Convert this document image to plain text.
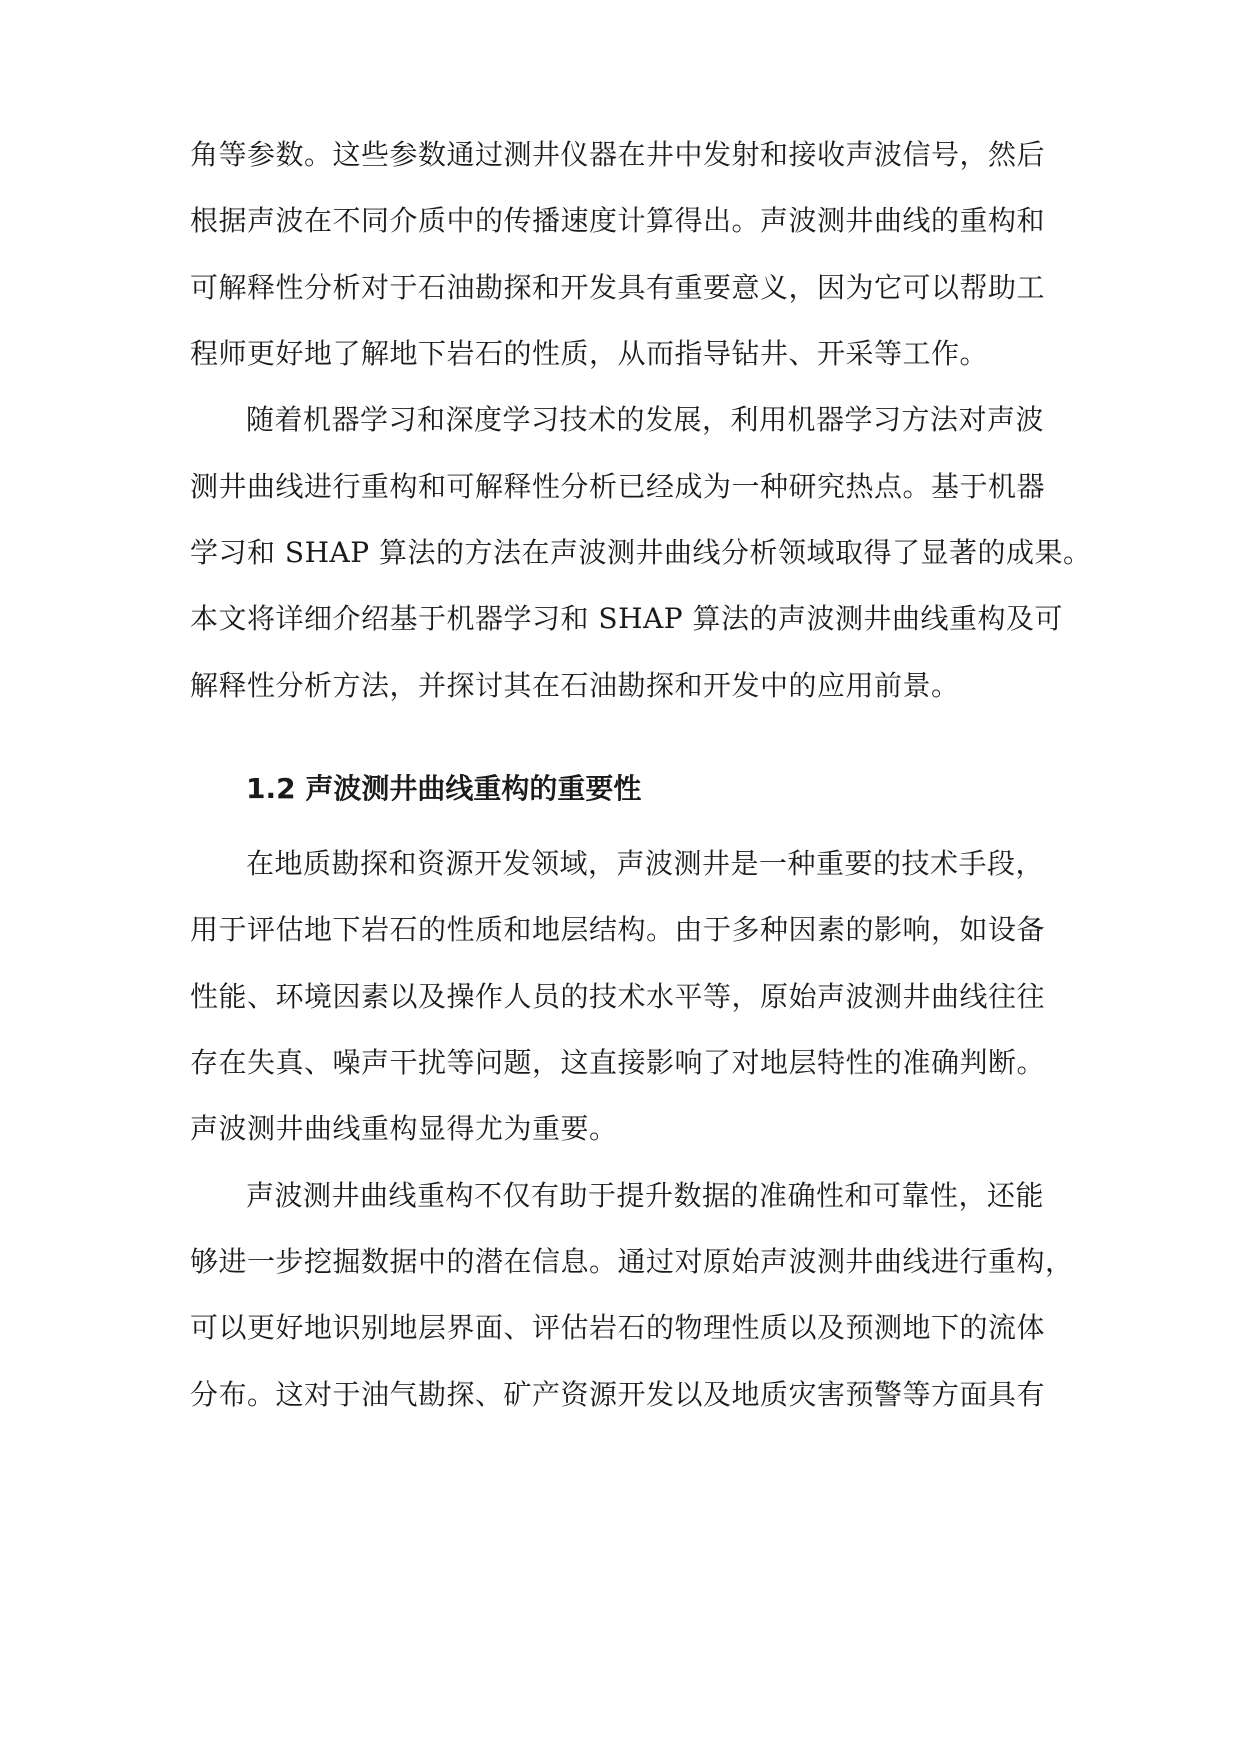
角等参数。这些参数通过测井仪器在井中发射和接收声波信号，然后
根据声波在不同介质中的传播速度计算得出。声波测井曲线的重构和
可解释性分析对于石油勘探和开发具有重要意义，因为它可以帮助工
程师更好地了解地下岩石的性质，从而指导钻井、开采等工作。
随着机器学习和深度学习技术的发展，利用机器学习方法对声波
测井曲线进行重构和可解释性分析已经成为一种研究热点。基于机器
学习和 SHAP 算法的方法在声波测井曲线分析领域取得了显著的成果。
本文将详细介绍基于机器学习和 SHAP 算法的声波测井曲线重构及可
解释性分析方法，并探讨其在石油勘探和开发中的应用前景。
1.2 声波测井曲线重构的重要性
在地质勘探和资源开发领域，声波测井是一种重要的技术手段，
用于评估地下岩石的性质和地层结构。由于多种因素的影响，如设备
性能、环境因素以及操作人员的技术水平等，原始声波测井曲线往往
存在失真、噪声干扰等问题，这直接影响了对地层特性的准确判断。
声波测井曲线重构显得尤为重要。
声波测井曲线重构不仅有助于提升数据的准确性和可靠性，还能
够进一步挖掘数据中的潜在信息。通过对原始声波测井曲线进行重构，
可以更好地识别地层界面、评估岩石的物理性质以及预测地下的流体
分布。这对于油气勘探、矿产资源开发以及地质灾害预警等方面具有
